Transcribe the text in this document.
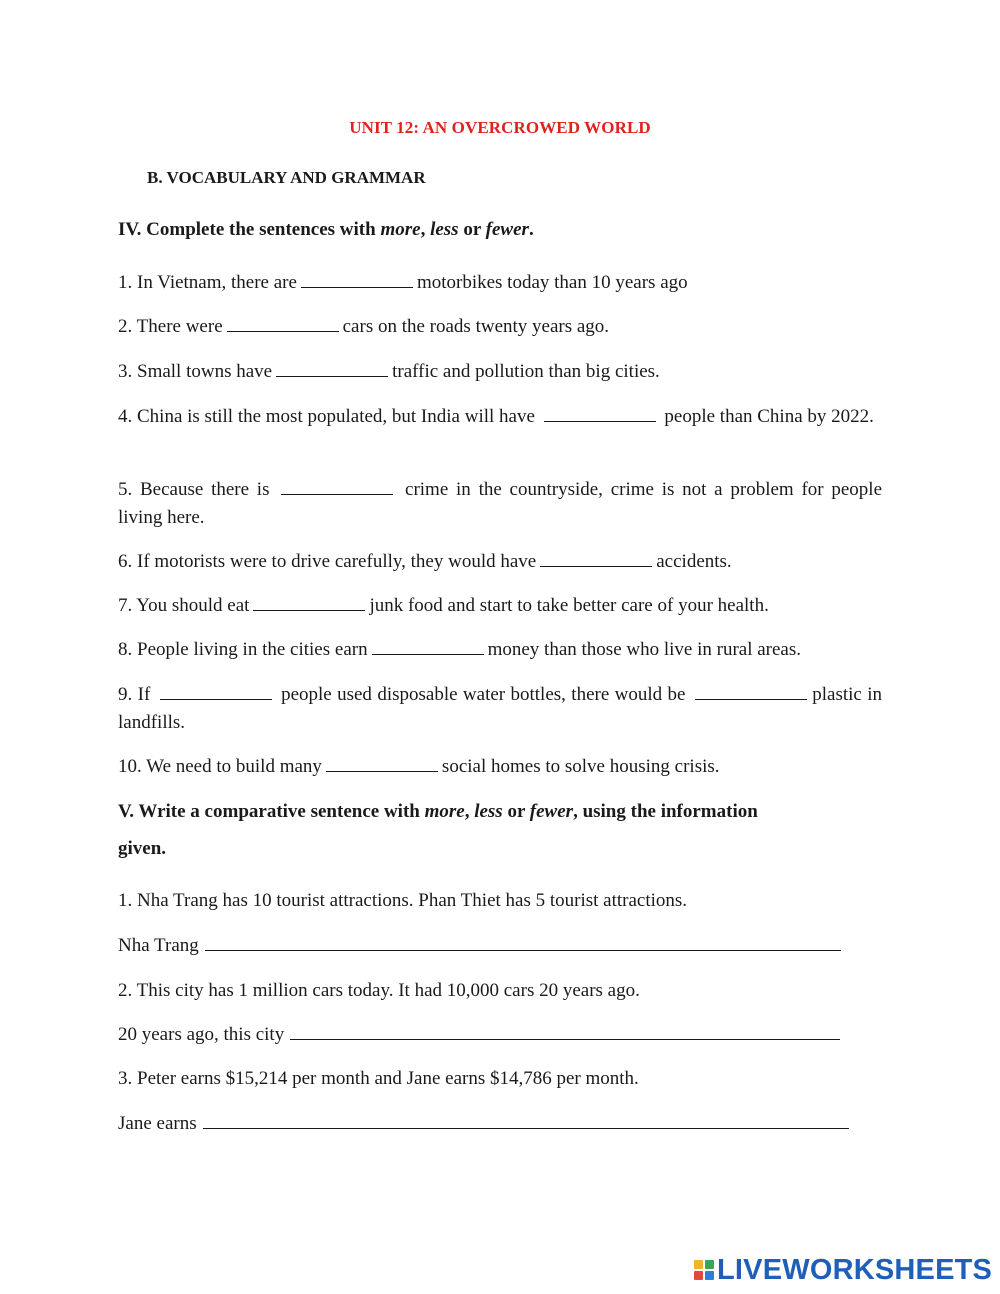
UNIT 12: AN OVERCROWED WORLD
B. VOCABULARY AND GRAMMAR
IV. Complete the sentences with more, less or fewer.
1. In Vietnam, there are	motorbikes today than 10 years ago
2. There were	cars on the roads twenty years ago.
3. Small towns have	traffic and pollution than big cities.
4. China is still the most populated, but India will have	people than China by 2022.
5. Because there is	crime in the countryside, crime is not a problem for people living here.
6. If motorists were to drive carefully, they would have	accidents.
7. You should eat	junk food and start to take better care of your health.
8. People living in the cities earn	money than those who live in rural areas.
9. If	people used disposable water bottles, there would be	plastic in landfills.
10. We need to build many	social homes to solve housing crisis.
V. Write a comparative sentence with more, less or fewer, using the information
given.
1. Nha Trang has 10 tourist attractions. Phan Thiet has 5 tourist attractions.
Nha Trang
2. This city has 1 million cars today. It had 10,000 cars 20 years ago.
20 years ago, this city
3. Peter earns $15,214 per month and Jane earns $14,786 per month.
Jane earns
LIVEWORKSHEETS
